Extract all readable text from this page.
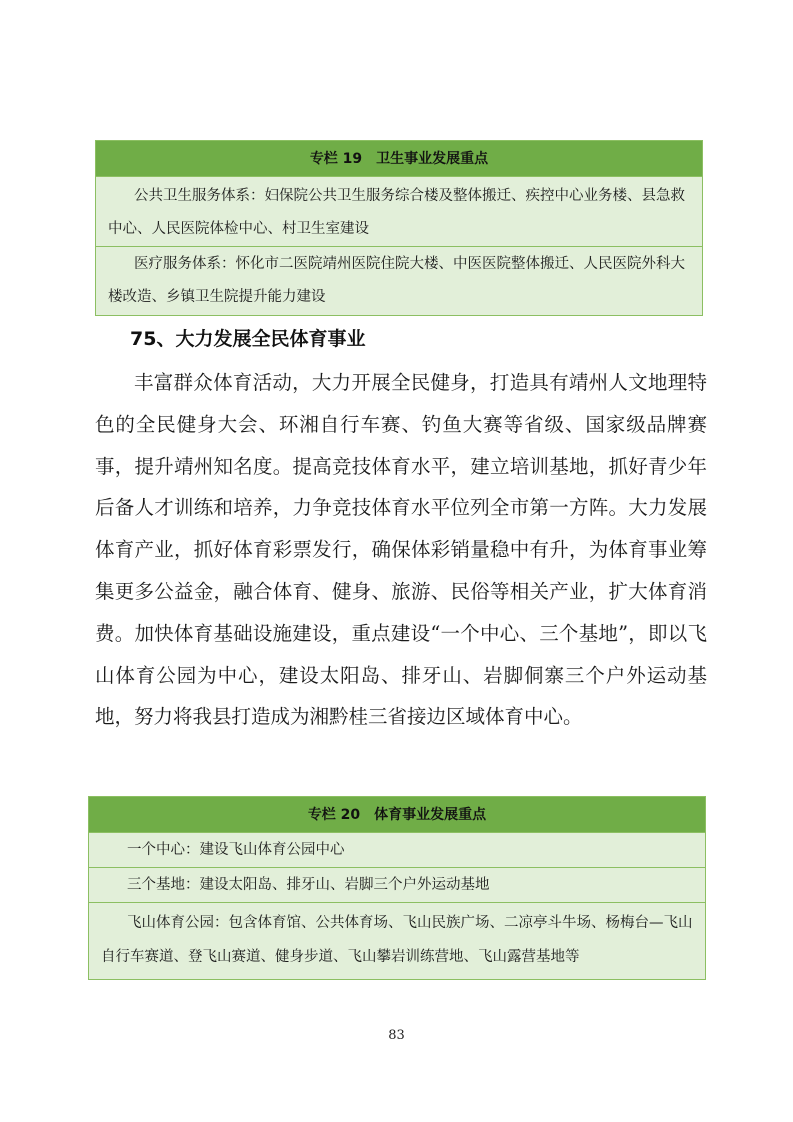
专栏 19　卫生事业发展重点
公共卫生服务体系：妇保院公共卫生服务综合楼及整体搬迁、疾控中心业务楼、县急救中心、人民医院体检中心、村卫生室建设
医疗服务体系：怀化市二医院靖州医院住院大楼、中医医院整体搬迁、人民医院外科大楼改造、乡镇卫生院提升能力建设
75、大力发展全民体育事业

丰富群众体育活动，大力开展全民健身，打造具有靖州人文地理特色的全民健身大会、环湘自行车赛、钓鱼大赛等省级、国家级品牌赛事，提升靖州知名度。提高竞技体育水平，建立培训基地，抓好青少年后备人才训练和培养，力争竞技体育水平位列全市第一方阵。大力发展体育产业，抓好体育彩票发行，确保体彩销量稳中有升，为体育事业筹集更多公益金，融合体育、健身、旅游、民俗等相关产业，扩大体育消费。加快体育基础设施建设，重点建设“一个中心、三个基地”，即以飞山体育公园为中心，建设太阳岛、排牙山、岩脚侗寨三个户外运动基地，努力将我县打造成为湘黔桂三省接边区域体育中心。

专栏 20　体育事业发展重点
一个中心：建设飞山体育公园中心
三个基地：建设太阳岛、排牙山、岩脚三个户外运动基地
飞山体育公园：包含体育馆、公共体育场、飞山民族广场、二凉亭斗牛场、杨梅台—飞山自行车赛道、登飞山赛道、健身步道、飞山攀岩训练营地、飞山露营基地等
83
